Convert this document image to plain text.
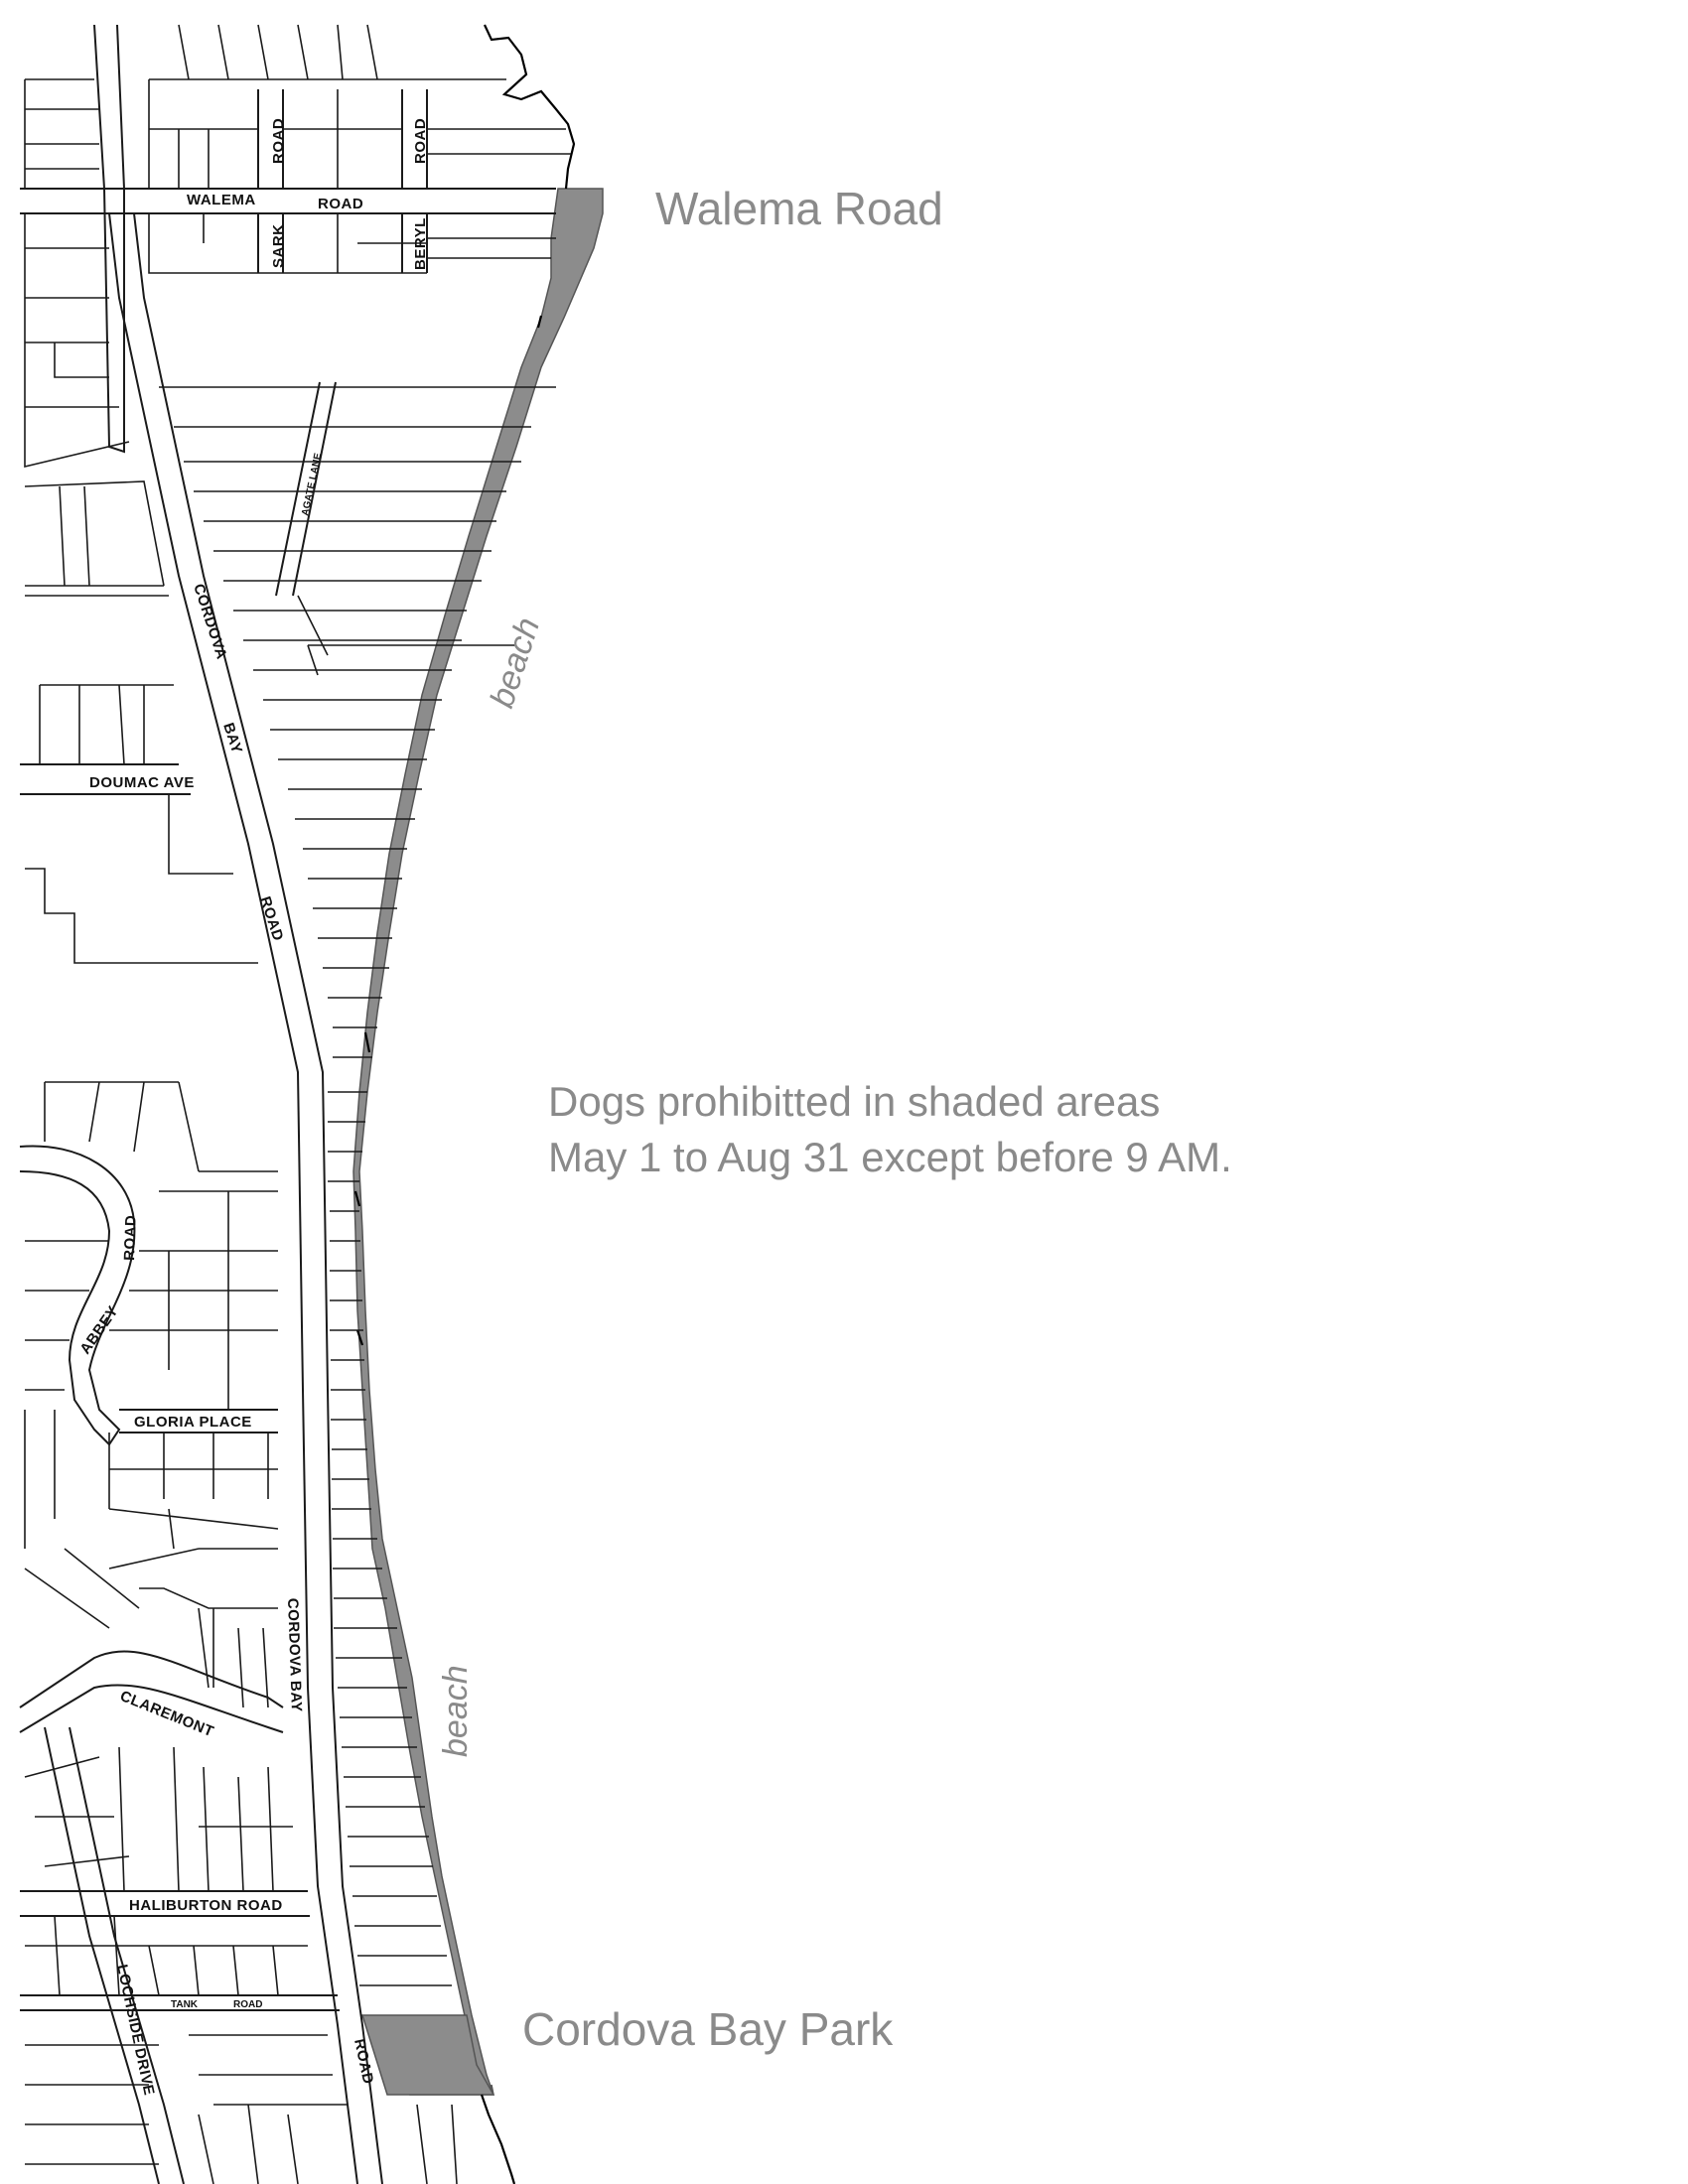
WALEMA	ROAD
ROAD
SARK
ROAD
BERYL
AGATE LANE
CORDOVA
BAY
ROAD
DOUMAC AVE
ROAD
ABBEY
GLORIA PLACE
CORDOVA BAY
CLAREMONT
HALIBURTON ROAD
LOCHSIDE DRIVE TANK	ROAD
ROAD
beach
beach
Walema Road
Cordova Bay Park
Dogs prohibitted in shaded areas
May 1 to Aug 31 except before 9 AM.
